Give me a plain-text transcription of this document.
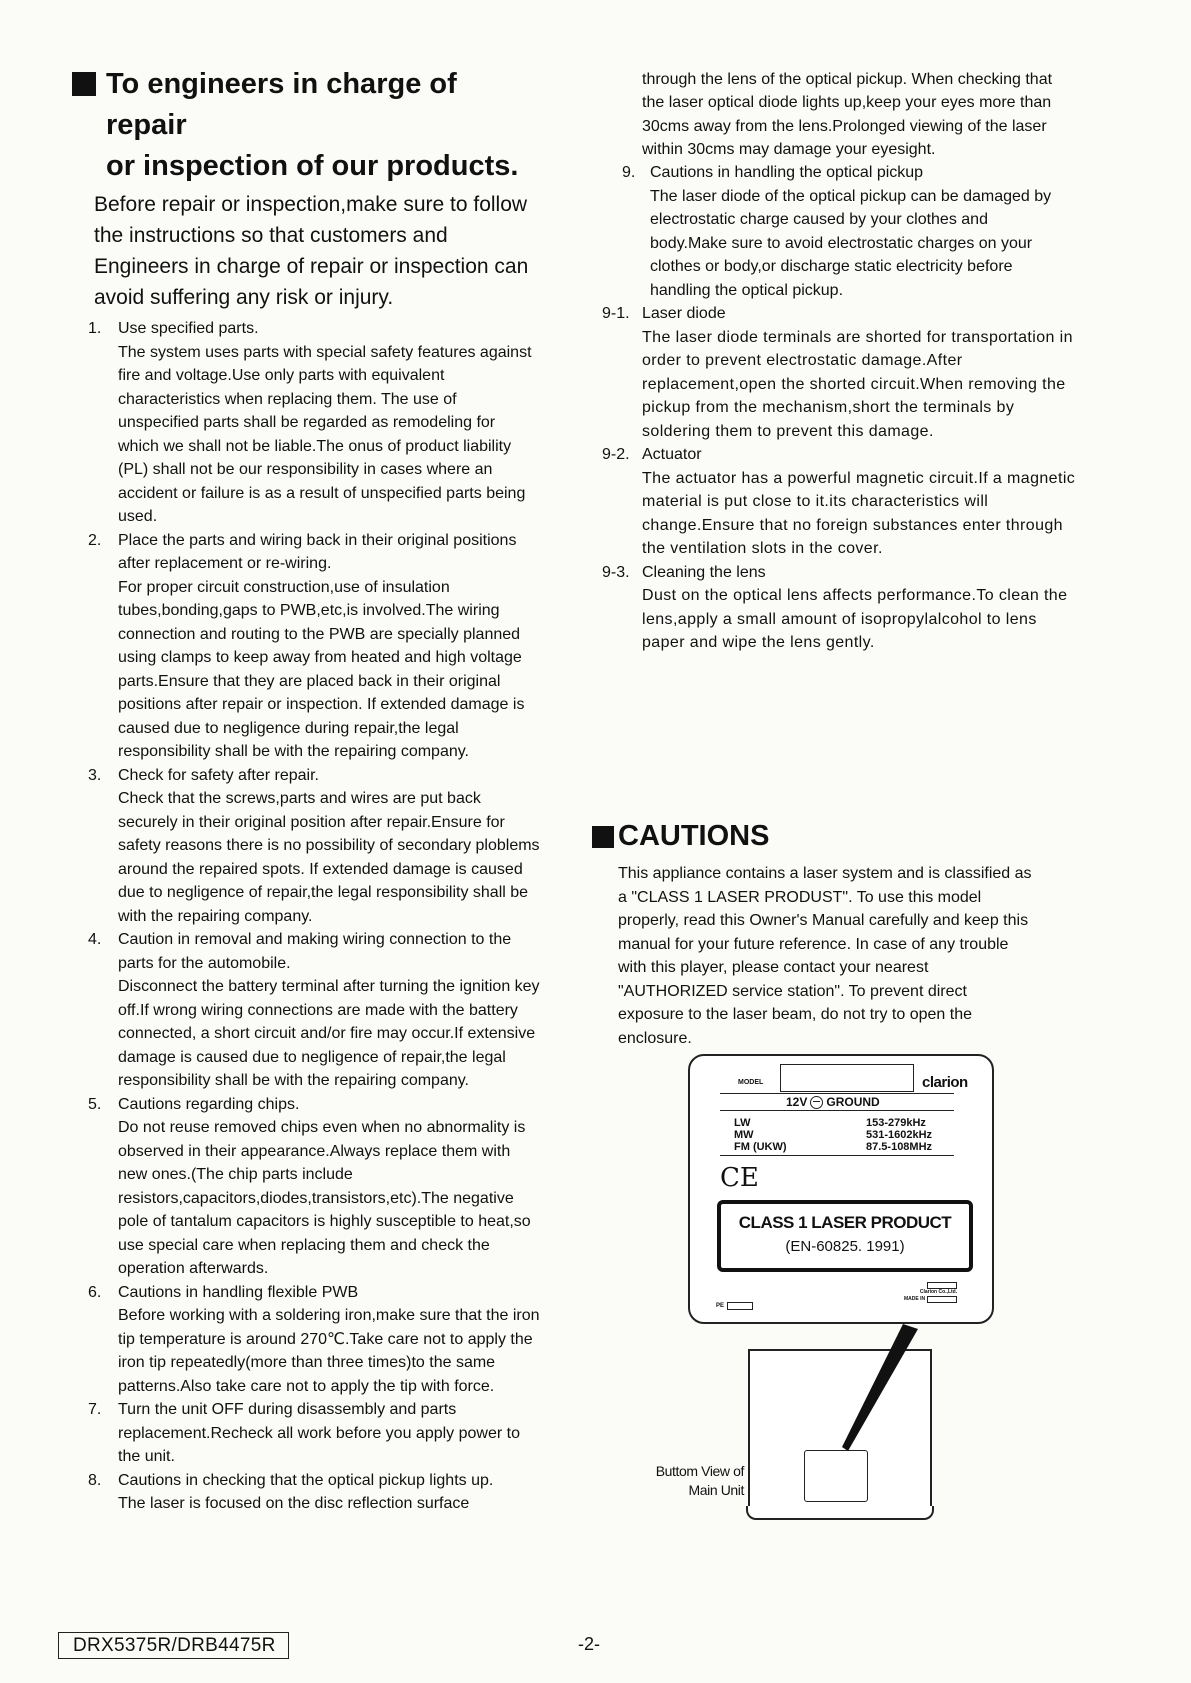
To engineers in charge of repair
or inspection of our products.

Before repair or inspection,make sure to follow the instructions so that customers and Engineers in charge of repair or inspection can avoid suffering any risk or injury.

1. Use specified parts.
The system uses parts with special safety features against fire and voltage.Use only parts with equivalent characteristics when replacing them. The use of unspecified parts shall be regarded as remodeling for which we shall not be liable.The onus of product liability (PL) shall not be our responsibility in cases where an accident or failure is as a result of unspecified parts being used.
2. Place the parts and wiring back in their original positions after replacement or re-wiring.
For proper circuit construction,use of insulation tubes,bonding,gaps to PWB,etc,is involved.The wiring connection and routing to the PWB are specially planned using clamps to keep away from heated and high voltage parts.Ensure that they are placed back in their original positions after repair or inspection. If extended damage is caused due to negligence during repair,the legal responsibility shall be with the repairing company.
3. Check for safety after repair.
Check that the screws,parts and wires are put back securely in their original position after repair.Ensure for safety reasons there is no possibility of secondary ploblems around the repaired spots. If extended damage is caused due to negligence of repair,the legal responsibility shall be with the repairing company.
4. Caution in removal and making wiring connection to the parts for the automobile.
Disconnect the battery terminal after turning the ignition key off.If wrong wiring connections are made with the battery connected, a short circuit and/or fire may occur.If extensive damage is caused due to negligence of repair,the legal responsibility shall be with the repairing company.
5. Cautions regarding chips.
Do not reuse removed chips even when no abnormality is observed in their appearance.Always replace them with new ones.(The chip parts include resistors,capacitors,diodes,transistors,etc).The negative pole of tantalum capacitors is highly susceptible to heat,so use special care when replacing them and check the operation afterwards.
6. Cautions in handling flexible PWB
Before working with a soldering iron,make sure that the iron tip temperature is around 270℃.Take care not to apply the iron tip repeatedly(more than three times)to the same patterns.Also take care not to apply the tip with force.
7. Turn the unit OFF during disassembly and parts replacement.Recheck all work before you apply power to the unit.
8. Cautions in checking that the optical pickup lights up.
The laser is focused on the disc reflection surface

through the lens of the optical pickup. When checking that the laser optical diode lights up,keep your eyes more than 30cms away from the lens.Prolonged viewing of the laser within 30cms may damage your eyesight.

9. Cautions in handling the optical pickup
The laser diode of the optical pickup can be damaged by electrostatic charge caused by your clothes and body.Make sure to avoid electrostatic charges on your clothes or body,or discharge static electricity before handling the optical pickup.
9-1. Laser diode
The laser diode terminals are shorted for transportation in order to prevent electrostatic damage.After replacement,open the shorted circuit.When removing the pickup from the mechanism,short the terminals by soldering them to prevent this damage.
9-2. Actuator
The actuator has a powerful magnetic circuit.If a magnetic material is put close to it.its characteristics will change.Ensure that no foreign substances enter through the ventilation slots in the cover.
9-3. Cleaning the lens
Dust on the optical lens affects performance.To clean the lens,apply a small amount of isopropylalcohol to lens paper and wipe the lens gently.
CAUTIONS

This appliance contains a laser system and is classified as a "CLASS 1 LASER PRODUST". To use this model properly, read this Owner's Manual carefully and keep this manual for your future reference. In case of any trouble with this player, please contact your nearest "AUTHORIZED service station". To prevent direct exposure to the laser beam, do not try to open the enclosure.

MODEL	clarion
12V GROUND
LW
MW
FM (UKW)
153-279kHz
531-1602kHz
87.5-108MHz
CE
CLASS 1 LASER PRODUCT
(EN-60825. 1991)
PE
Clarion Co.,Ltd.
MADE IN
Buttom View of
Main Unit
DRX5375R/DRB4475R	-2-
